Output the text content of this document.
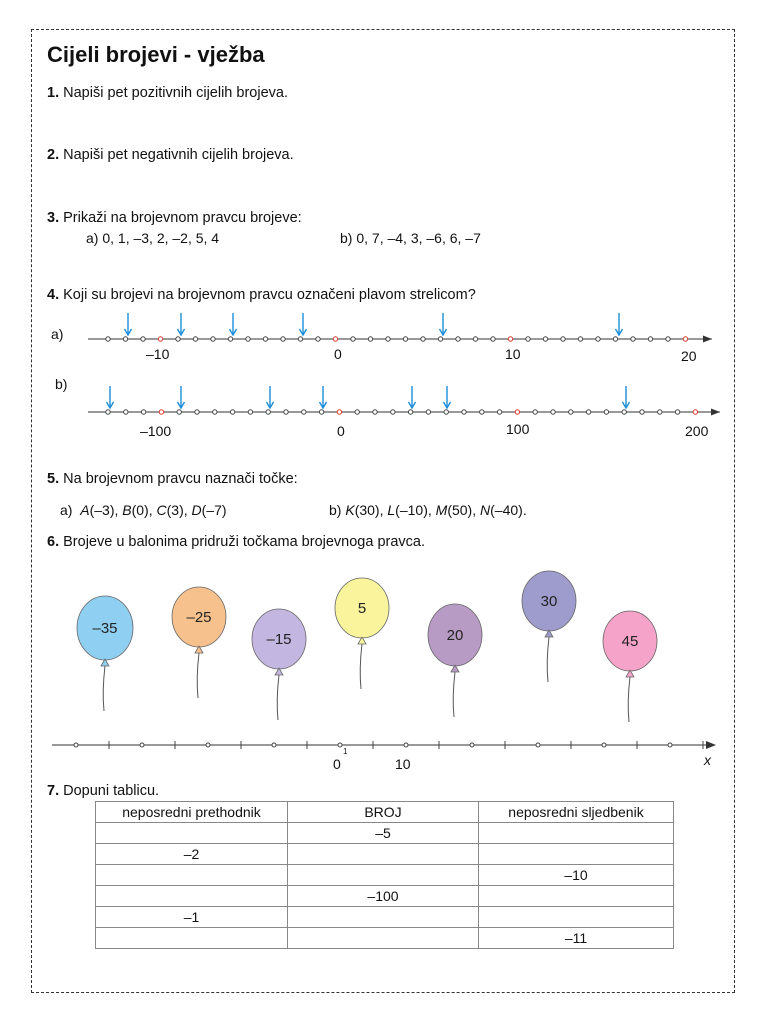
Cijeli brojevi - vježba
1. Napiši pet pozitivnih cijelih brojeva.
2. Napiši pet negativnih cijelih brojeva.
3. Prikaži na brojevnom pravcu brojeve:
a) 0, 1, –3, 2, –2, 5, 4	b) 0, 7, –4, 3, –6, 6, –7
4. Koji su brojevi na brojevnom pravcu označeni plavom strelicom?
a)
b)
–10	0	10	20
–100	0	100	200
5. Na brojevnom pravcu naznači točke:
a) A(–3), B(0), C(3), D(–7)	b) K(30), L(–10), M(50), N(–40).
6. Brojeve u balonima pridruži točkama brojevnoga pravca.
–35
–25
–15
5
20
30
45
1
0	10	x
7. Dopuni tablicu.
neposredni prethodnik	BROJ	neposredni sljedbenik
	–5	
–2		
		–10
	–100	
–1		
		–11
